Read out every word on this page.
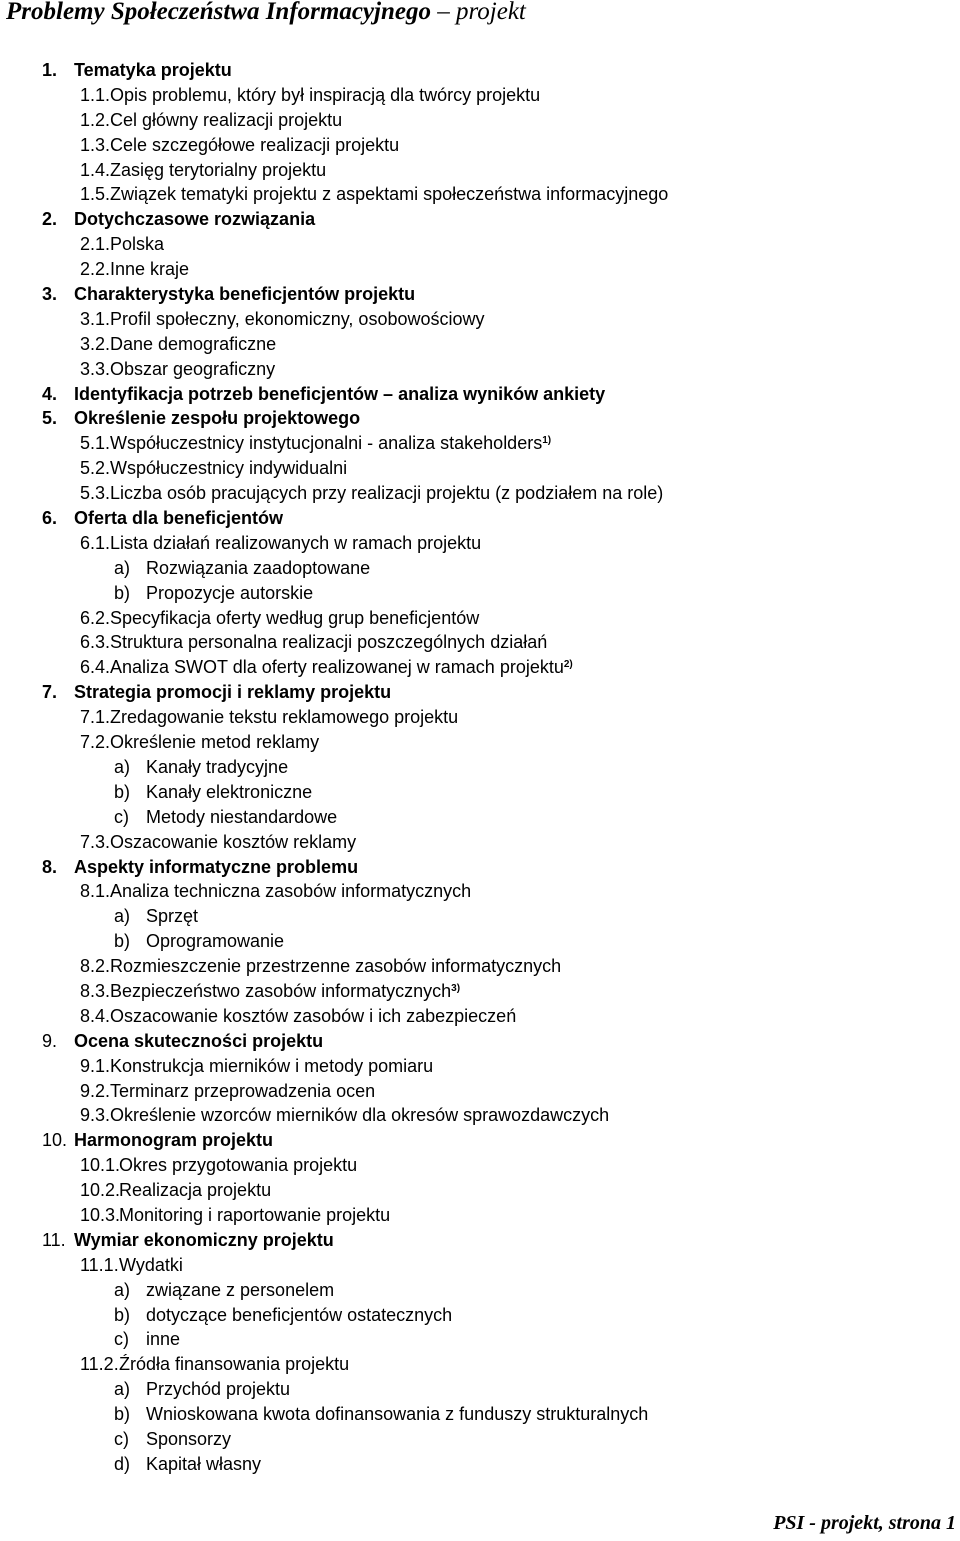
Problemy Społeczeństwa Informacyjnego – projekt
1. Tematyka projektu
1.1. Opis problemu, który był inspiracją dla twórcy projektu
1.2. Cel główny realizacji projektu
1.3. Cele szczegółowe realizacji projektu
1.4. Zasięg terytorialny projektu
1.5. Związek tematyki projektu z aspektami społeczeństwa informacyjnego
2. Dotychczasowe rozwiązania
2.1. Polska
2.2. Inne kraje
3. Charakterystyka beneficjentów projektu
3.1. Profil społeczny, ekonomiczny, osobowościowy
3.2. Dane demograficzne
3.3. Obszar geograficzny
4. Identyfikacja potrzeb beneficjentów – analiza wyników ankiety
5. Określenie zespołu projektowego
5.1. Współuczestnicy instytucjonalni - analiza stakeholders$^{1)}$
5.2. Współuczestnicy indywidualni
5.3. Liczba osób pracujących przy realizacji projektu (z podziałem na role)
6. Oferta dla beneficjentów
6.1. Lista działań realizowanych w ramach projektu
a) Rozwiązania zaadoptowane
b) Propozycje autorskie
6.2. Specyfikacja oferty według grup beneficjentów
6.3. Struktura personalna realizacji poszczególnych działań
6.4. Analiza SWOT dla oferty realizowanej w ramach projektu$^{2)}$
7. Strategia promocji i reklamy projektu
7.1. Zredagowanie tekstu reklamowego projektu
7.2. Określenie metod reklamy
a) Kanały tradycyjne
b) Kanały elektroniczne
c) Metody niestandardowe
7.3. Oszacowanie kosztów reklamy
8. Aspekty informatyczne problemu
8.1. Analiza techniczna zasobów informatycznych
a) Sprzęt
b) Oprogramowanie
8.2. Rozmieszczenie przestrzenne zasobów informatycznych
8.3. Bezpieczeństwo zasobów informatycznych$^{3)}$
8.4. Oszacowanie kosztów zasobów i ich zabezpieczeń
9. Ocena skuteczności projektu
9.1. Konstrukcja mierników i metody pomiaru
9.2. Terminarz przeprowadzenia ocen
9.3. Określenie wzorców mierników dla okresów sprawozdawczych
10. Harmonogram projektu
10.1.
Okres przygotowania projektu
10.2.
Realizacja projektu
10.3.
Monitoring i raportowanie projektu
11. Wymiar ekonomiczny projektu
11.1. Wydatki
a) związane z personelem
b) dotyczące beneficjentów ostatecznych
c) inne
11.2. Źródła finansowania projektu
a) Przychód projektu
b) Wnioskowana kwota dofinansowania z funduszy strukturalnych
c) Sponsorzy
d) Kapitał własny

PSI - projekt, strona 1
